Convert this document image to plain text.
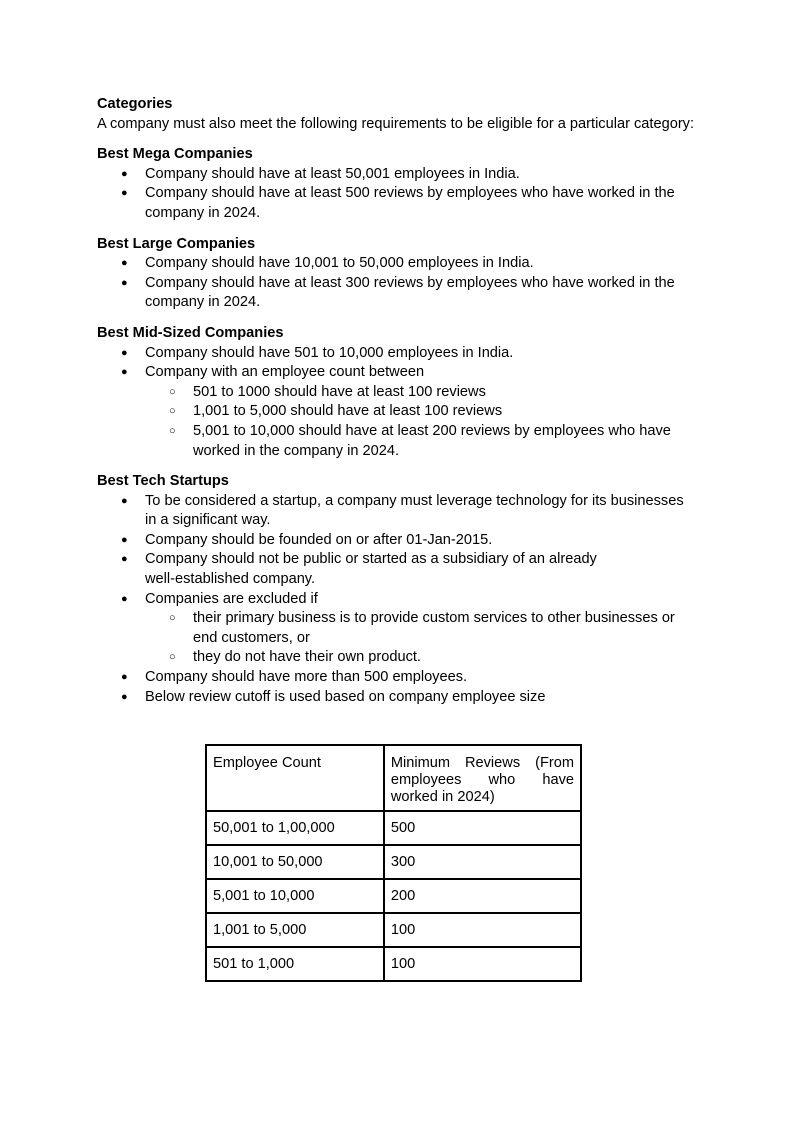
Categories
A company must also meet the following requirements to be eligible for a particular category:
Best Mega Companies
● Company should have at least 50,001 employees in India.
● Company should have at least 500 reviews by employees who have worked in the company in 2024.
Best Large Companies
● Company should have 10,001 to 50,000 employees in India.
● Company should have at least 300 reviews by employees who have worked in the company in 2024.
Best Mid-Sized Companies
● Company should have 501 to 10,000 employees in India.
● Company with an employee count between
○ 501 to 1000 should have at least 100 reviews
○ 1,001 to 5,000 should have at least 100 reviews
○ 5,001 to 10,000 should have at least 200 reviews by employees who have worked in the company in 2024.
Best Tech Startups
● To be considered a startup, a company must leverage technology for its businesses in a significant way.
● Company should be founded on or after 01-Jan-2015.
● Company should not be public or started as a subsidiary of an already well-established company.
● Companies are excluded if
○ their primary business is to provide custom services to other businesses or end customers, or
○ they do not have their own product.
● Company should have more than 500 employees.
● Below review cutoff is used based on company employee size
Employee Count	Minimum Reviews (From employees who have worked in 2024)
50,001 to 1,00,000	500
10,001 to 50,000	300
5,001 to 10,000	200
1,001 to 5,000	100
501 to 1,000	100
